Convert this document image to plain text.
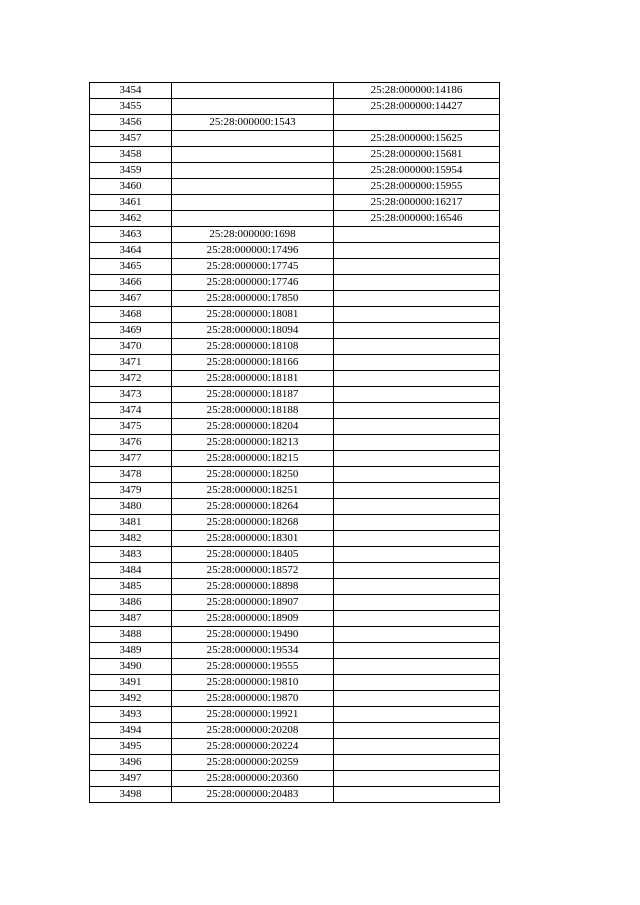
3454		25:28:000000:14186
3455		25:28:000000:14427
3456	25:28:000000:1543	
3457		25:28:000000:15625
3458		25:28:000000:15681
3459		25:28:000000:15954
3460		25:28:000000:15955
3461		25:28:000000:16217
3462		25:28:000000:16546
3463	25:28:000000:1698	
3464	25:28:000000:17496	
3465	25:28:000000:17745	
3466	25:28:000000:17746	
3467	25:28:000000:17850	
3468	25:28:000000:18081	
3469	25:28:000000:18094	
3470	25:28:000000:18108	
3471	25:28:000000:18166	
3472	25:28:000000:18181	
3473	25:28:000000:18187	
3474	25:28:000000:18188	
3475	25:28:000000:18204	
3476	25:28:000000:18213	
3477	25:28:000000:18215	
3478	25:28:000000:18250	
3479	25:28:000000:18251	
3480	25:28:000000:18264	
3481	25:28:000000:18268	
3482	25:28:000000:18301	
3483	25:28:000000:18405	
3484	25:28:000000:18572	
3485	25:28:000000:18898	
3486	25:28:000000:18907	
3487	25:28:000000:18909	
3488	25:28:000000:19490	
3489	25:28:000000:19534	
3490	25:28:000000:19555	
3491	25:28:000000:19810	
3492	25:28:000000:19870	
3493	25:28:000000:19921	
3494	25:28:000000:20208	
3495	25:28:000000:20224	
3496	25:28:000000:20259	
3497	25:28:000000:20360	
3498	25:28:000000:20483	
